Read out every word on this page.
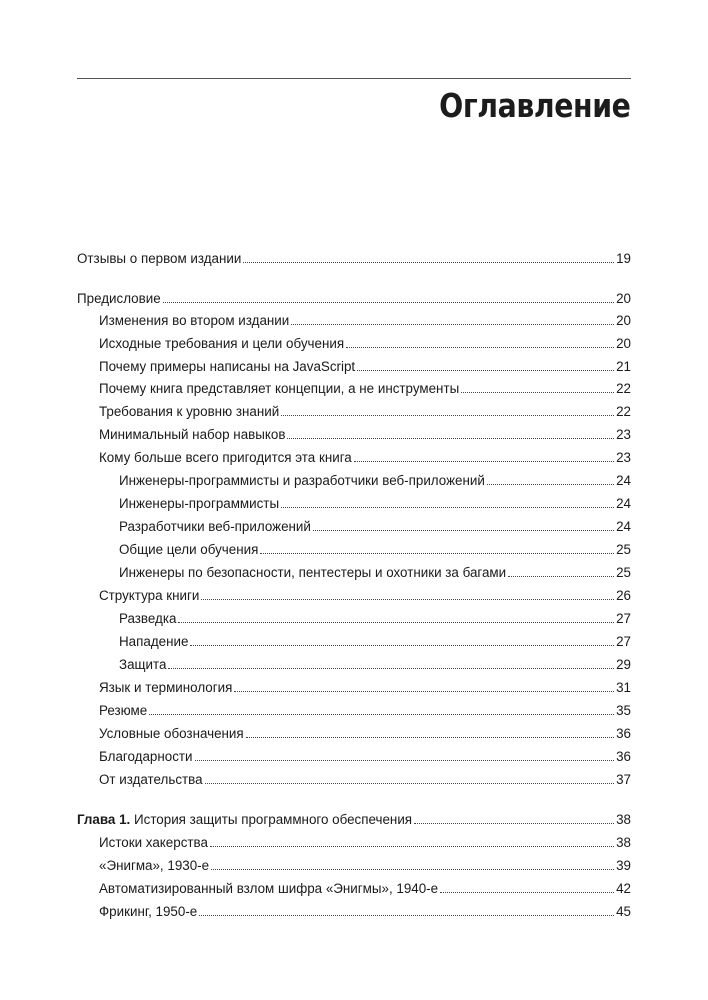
Оглавление
Отзывы о первом издании	19
Предисловие	20
Изменения во втором издании	20
Исходные требования и цели обучения	20
Почему примеры написаны на JavaScript	21
Почему книга представляет концепции, а не инструменты	22
Требования к уровню знаний	22
Минимальный набор навыков	23
Кому больше всего пригодится эта книга	23
Инженеры-программисты и разработчики веб-приложений	24
Инженеры-программисты	24
Разработчики веб-приложений	24
Общие цели обучения	25
Инженеры по безопасности, пентестеры и охотники за багами	25
Структура книги	26
Разведка	27
Нападение	27
Защита	29
Язык и терминология	31
Резюме	35
Условные обозначения	36
Благодарности	36
От издательства	37
Глава 1. История защиты программного обеспечения	38
Истоки хакерства	38
«Энигма», 1930-е	39
Автоматизированный взлом шифра «Энигмы», 1940-е	42
Фрикинг, 1950-е	45
